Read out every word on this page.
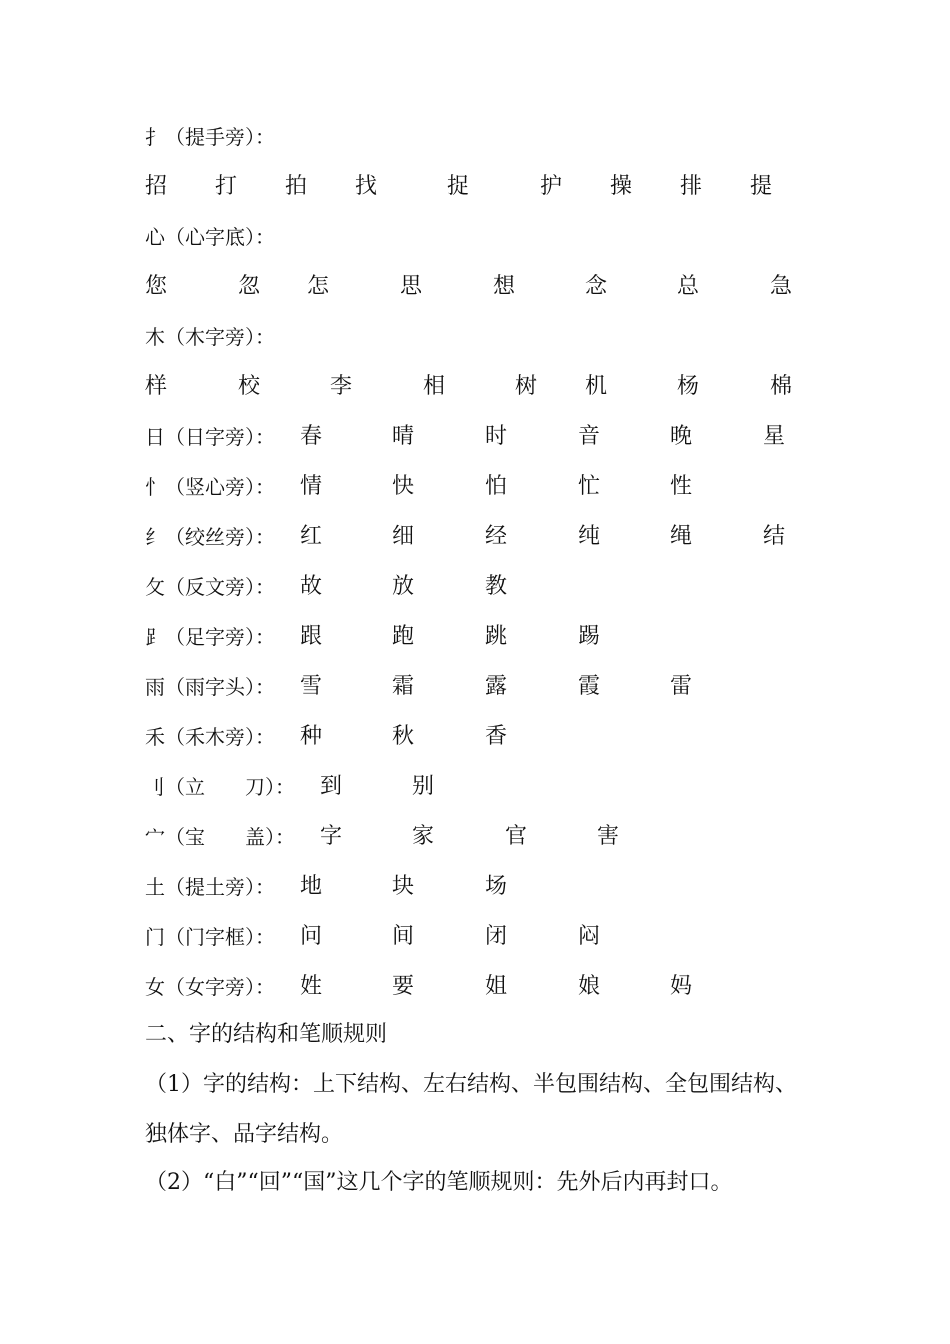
扌（提手旁）：
招 打 拍 找	捉	护 操 排 提
心（心字底）：
您	忽 怎	思	想	念	总	急
木（木字旁）：
样	校	李	相	树 机	杨	棉
日（日字旁）： 春	晴	时	音	晚	星
忄（竖心旁）： 情	快	怕	忙	性
纟（绞丝旁）： 红	细	经	纯	绳	结
攵（反文旁）： 故	放	教
⻊（足字旁）： 跟	跑	跳	踢
雨（雨字头）： 雪	霜	露	霞	雷
禾（禾木旁）： 种	秋	香
刂（立　　刀）： 到	别
宀（宝　　盖）： 字	家	官	害
土（提土旁）： 地	块	场
门（门字框）： 问	间	闭	闷
女（女字旁）： 姓	要	姐	娘	妈
二、字的结构和笔顺规则
（1）字的结构：上下结构、左右结构、半包围结构、全包围结构、
独体字、品字结构。
（2）“白”“回”“国”这几个字的笔顺规则：先外后内再封口。
